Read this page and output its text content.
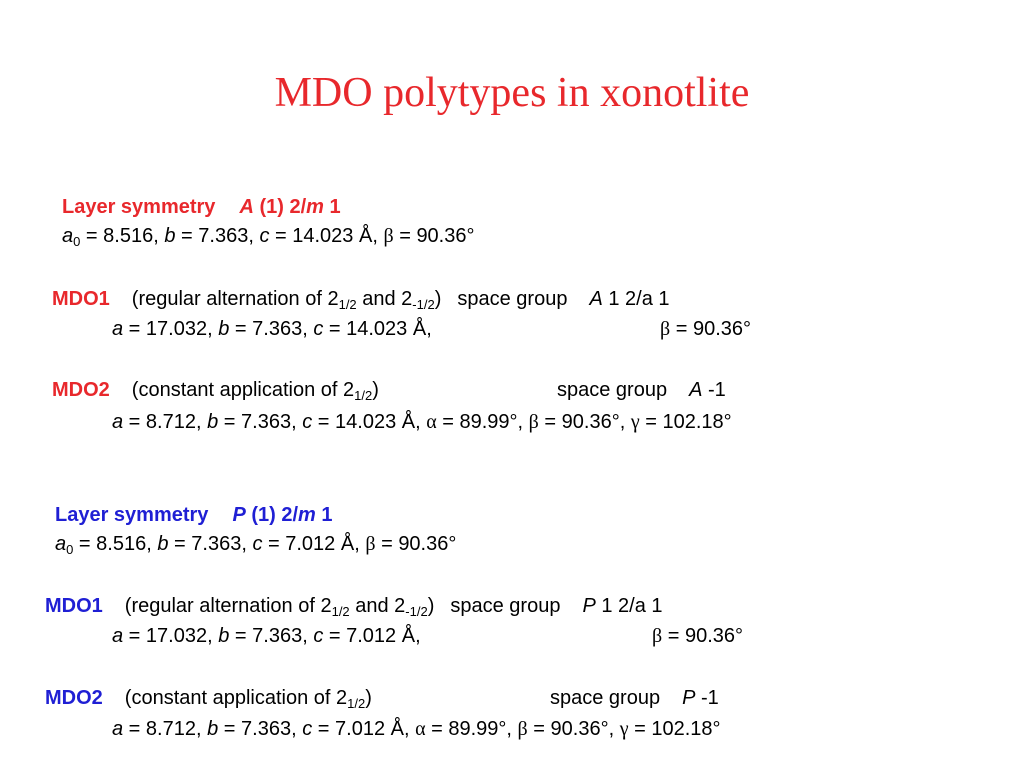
MDO polytypes in xonotlite
Layer symmetry A (1) 2/m 1
$a_0 = 8.516$, b = 7.363, c = 14.023 Å, β = 90.36°
MDO1 (regular alternation of $2_{1/2}$ and $2_{-1/2}$) space group A 1 2/a 1
a = 17.032, b = 7.363, c = 14.023 Å,	β = 90.36°
MDO2 (constant application of $2_{1/2}$)	space group A -1
a = 8.712, b = 7.363, c = 14.023 Å, α = 89.99°, β = 90.36°, γ = 102.18°
Layer symmetry P (1) 2/m 1
$a_0 = 8.516$, b = 7.363, c = 7.012 Å, β = 90.36°
MDO1 (regular alternation of $2_{1/2}$ and $2_{-1/2}$) space group P 1 2/a 1
a = 17.032, b = 7.363, c = 7.012 Å,	β = 90.36°
MDO2 (constant application of $2_{1/2}$)	space group P -1
a = 8.712, b = 7.363, c = 7.012 Å, α = 89.99°, β = 90.36°, γ = 102.18°
